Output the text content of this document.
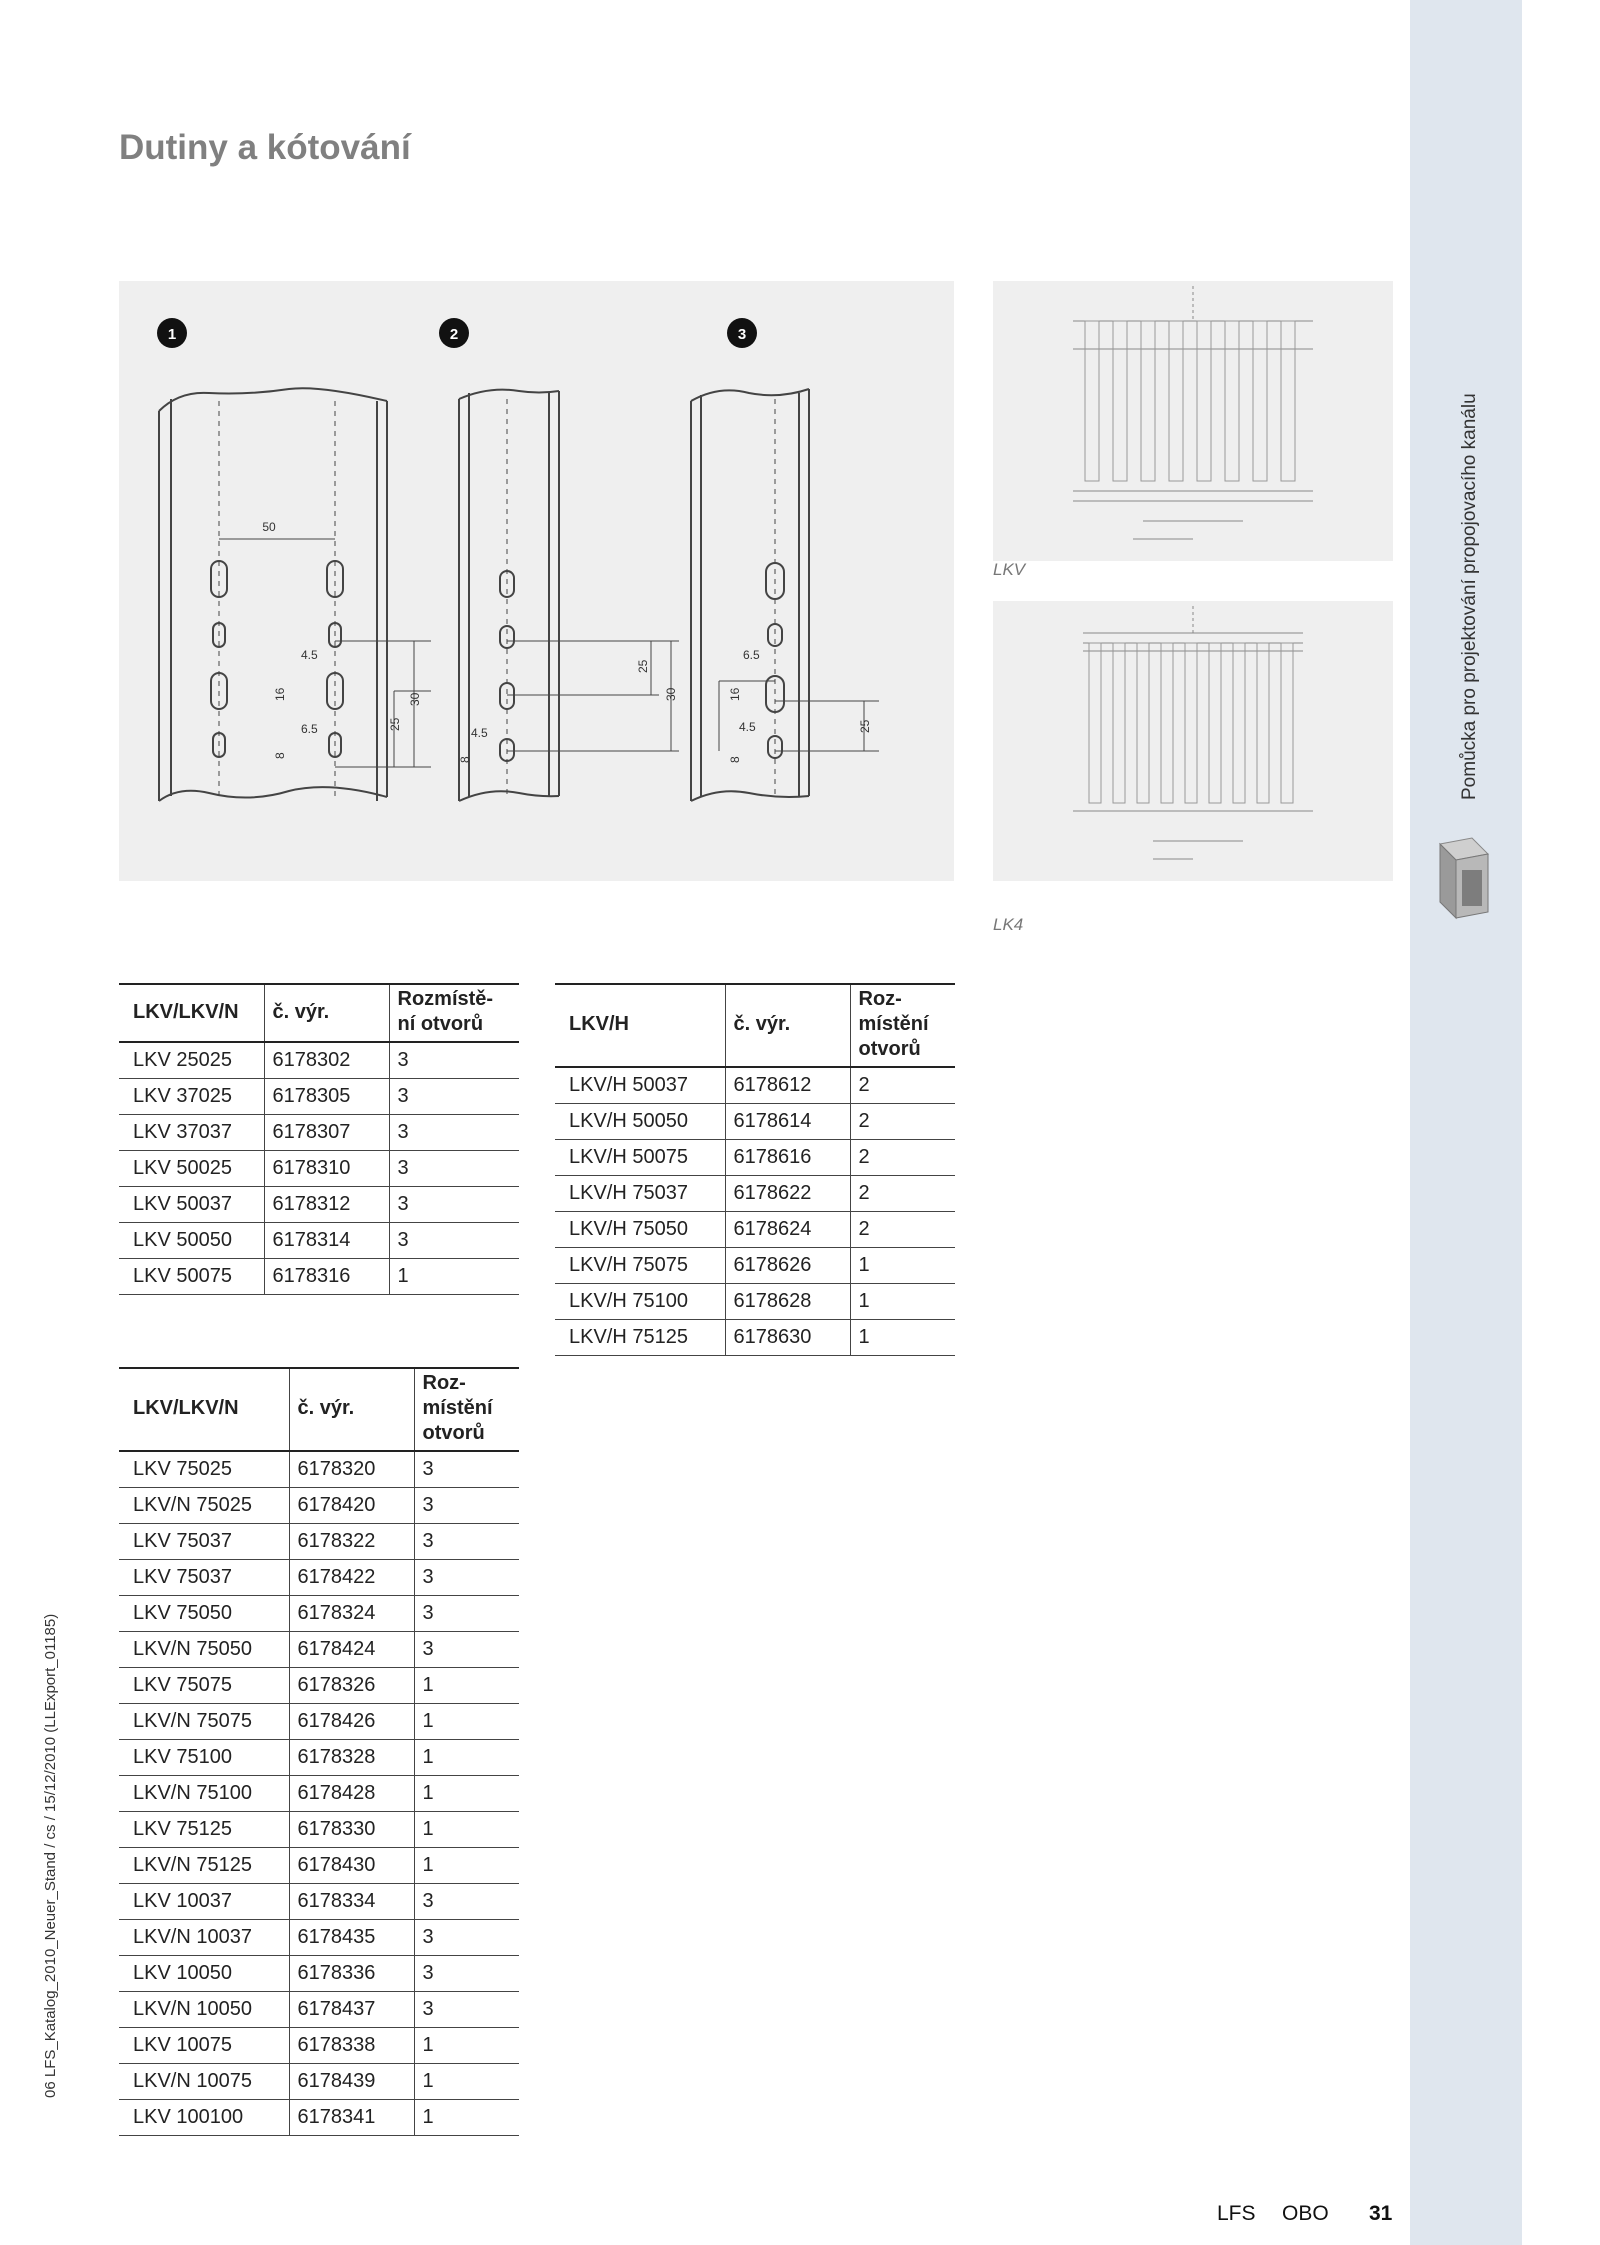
Pomůcka pro projektování propojovacího kanálu
Dutiny a kótování
1	2	3
50
30
25
4.5
6.5
16
8
30
25
4.5
8
25
6.5
4.5
16
8
LKV
LK4
LKV/LKV/N	č. výr.	Rozmístě-
ní otvorů
LKV 25025	6178302	3
LKV 37025	6178305	3
LKV 37037	6178307	3
LKV 50025	6178310	3
LKV 50037	6178312	3
LKV 50050	6178314	3
LKV 50075	6178316	1
LKV/H	č. výr.	Roz-
místění
otvorů
LKV/H 50037	6178612	2
LKV/H 50050	6178614	2
LKV/H 50075	6178616	2
LKV/H 75037	6178622	2
LKV/H 75050	6178624	2
LKV/H 75075	6178626	1
LKV/H 75100	6178628	1
LKV/H 75125	6178630	1
LKV/LKV/N	č. výr.	Roz-
místění
otvorů
LKV 75025	6178320	3
LKV/N 75025	6178420	3
LKV 75037	6178322	3
LKV 75037	6178422	3
LKV 75050	6178324	3
LKV/N 75050	6178424	3
LKV 75075	6178326	1
LKV/N 75075	6178426	1
LKV 75100	6178328	1
LKV/N 75100	6178428	1
LKV 75125	6178330	1
LKV/N 75125	6178430	1
LKV 10037	6178334	3
LKV/N 10037	6178435	3
LKV 10050	6178336	3
LKV/N 10050	6178437	3
LKV 10075	6178338	1
LKV/N 10075	6178439	1
LKV 100100	6178341	1
06 LFS_Katalog_2010_Neuer_Stand / cs / 15/12/2010 (LLExport_01185)
LFS OBO 31
